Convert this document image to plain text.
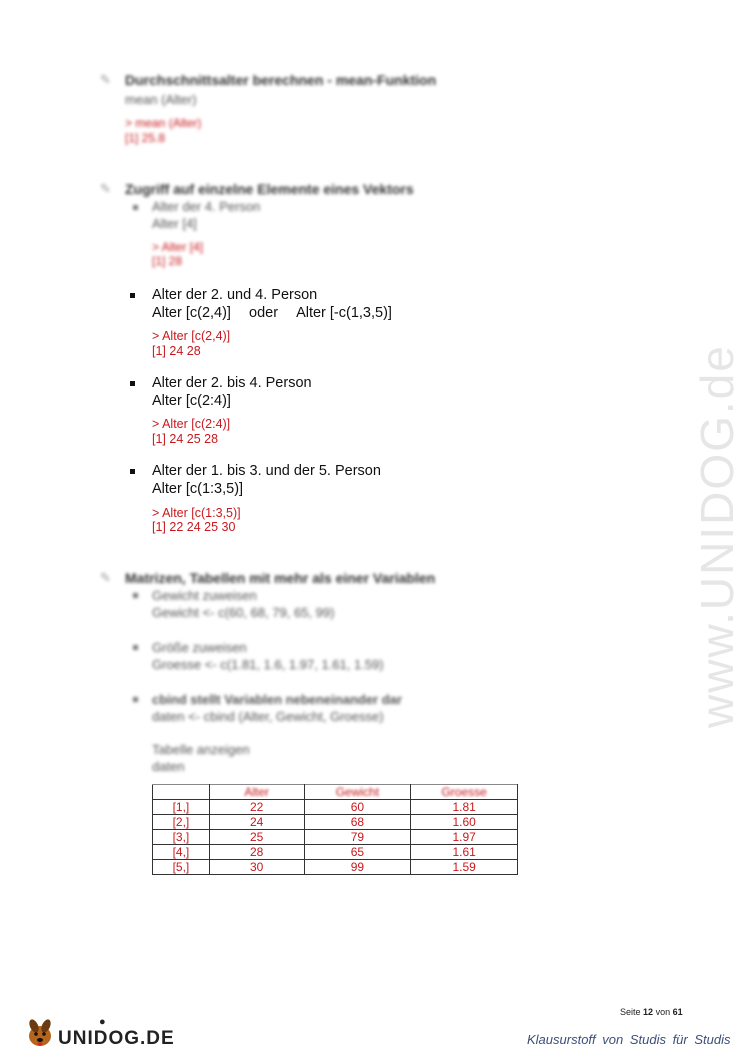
www.UNIDOG.de
✎ Durchschnittsalter berechnen - mean-Funktion
mean (Alter)
> mean (Alter)
[1] 25.8
✎ Zugriff auf einzelne Elemente eines Vektors
Alter der 4. Person
Alter [4]
> Alter [4]
[1] 28
Alter der 2. und 4. Person
Alter [c(2,4)] oder Alter [-c(1,3,5)]
> Alter [c(2,4)]
[1] 24 28
Alter der 2. bis 4. Person
Alter [c(2:4)]
> Alter [c(2:4)]
[1] 24 25 28
Alter der 1. bis 3. und der 5. Person
Alter [c(1:3,5)]
> Alter [c(1:3,5)]
[1] 22 24 25 30
✎ Matrizen, Tabellen mit mehr als einer Variablen
Gewicht zuweisen
Gewicht <- c(60, 68, 79, 65, 99)
Größe zuweisen
Groesse <- c(1.81, 1.6, 1.97, 1.61, 1.59)
cbind stellt Variablen nebeneinander dar
daten <- cbind (Alter, Gewicht, Groesse)
Tabelle anzeigen
daten
	Alter	Gewicht	Groesse
[1,]	22	60	1.81
[2,]	24	68	1.60
[3,]	25	79	1.97
[4,]	28	65	1.61
[5,]	30	99	1.59
Seite 12 von 61
●
UNIDOG.DE	Klausurstoff von Studis für Studis
